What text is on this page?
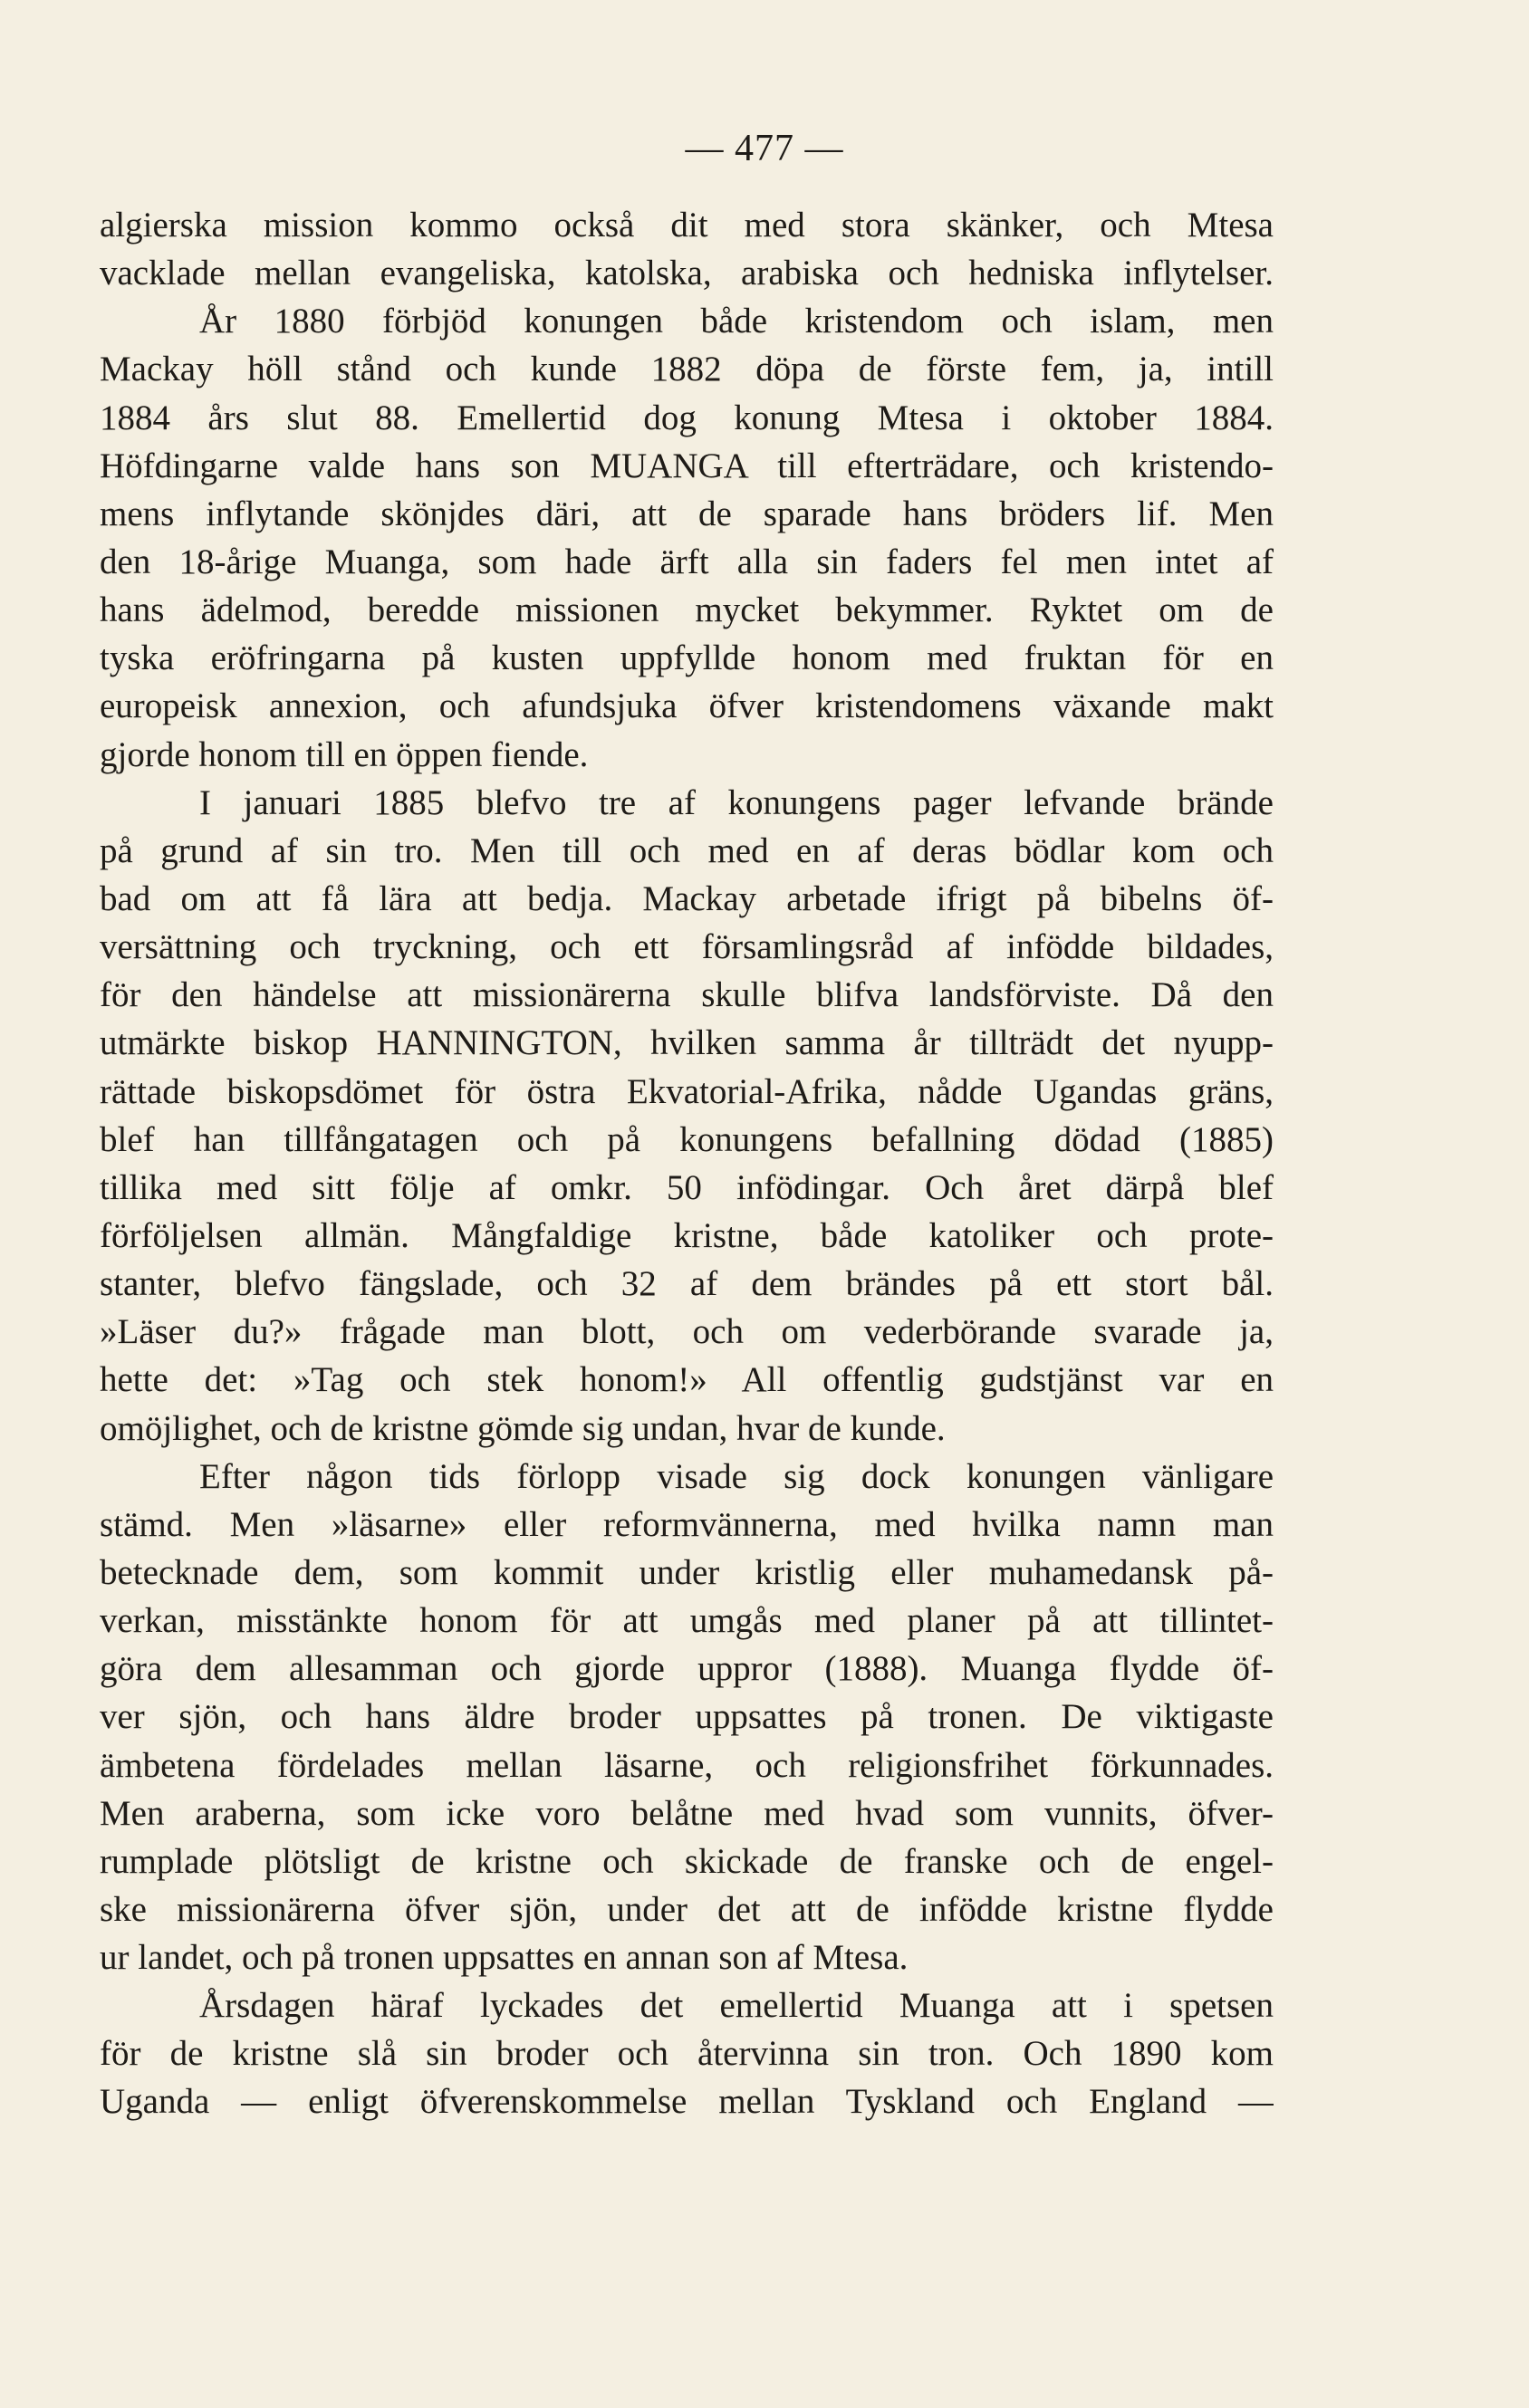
— 477 —
algierska mission kommo också dit med stora skänker, och Mtesa
vacklade mellan evangeliska, katolska, arabiska och hedniska inflytelser.
År 1880 förbjöd konungen både kristendom och islam, men
Mackay höll stånd och kunde 1882 döpa de förste fem, ja, intill
1884 års slut 88. Emellertid dog konung Mtesa i oktober 1884.
Höfdingarne valde hans son MUANGA till efterträdare, och kristendo-
mens inflytande skönjdes däri, att de sparade hans bröders lif. Men
den 18-årige Muanga, som hade ärft alla sin faders fel men intet af
hans ädelmod, beredde missionen mycket bekymmer. Ryktet om de
tyska eröfringarna på kusten uppfyllde honom med fruktan för en
europeisk annexion, och afundsjuka öfver kristendomens växande makt
gjorde honom till en öppen fiende.
I januari 1885 blefvo tre af konungens pager lefvande brände
på grund af sin tro. Men till och med en af deras bödlar kom och
bad om att få lära att bedja. Mackay arbetade ifrigt på bibelns öf-
versättning och tryckning, och ett församlingsråd af infödde bildades,
för den händelse att missionärerna skulle blifva landsförviste. Då den
utmärkte biskop HANNINGTON, hvilken samma år tillträdt det nyupp-
rättade biskopsdömet för östra Ekvatorial-Afrika, nådde Ugandas gräns,
blef han tillfångatagen och på konungens befallning dödad (1885)
tillika med sitt följe af omkr. 50 infödingar. Och året därpå blef
förföljelsen allmän. Mångfaldige kristne, både katoliker och prote-
stanter, blefvo fängslade, och 32 af dem brändes på ett stort bål.
»Läser du?» frågade man blott, och om vederbörande svarade ja,
hette det: »Tag och stek honom!» All offentlig gudstjänst var en
omöjlighet, och de kristne gömde sig undan, hvar de kunde.
Efter någon tids förlopp visade sig dock konungen vänligare
stämd. Men »läsarne» eller reformvännerna, med hvilka namn man
betecknade dem, som kommit under kristlig eller muhamedansk på-
verkan, misstänkte honom för att umgås med planer på att tillintet-
göra dem allesamman och gjorde uppror (1888). Muanga flydde öf-
ver sjön, och hans äldre broder uppsattes på tronen. De viktigaste
ämbetena fördelades mellan läsarne, och religionsfrihet förkunnades.
Men araberna, som icke voro belåtne med hvad som vunnits, öfver-
rumplade plötsligt de kristne och skickade de franske och de engel-
ske missionärerna öfver sjön, under det att de infödde kristne flydde
ur landet, och på tronen uppsattes en annan son af Mtesa.
Årsdagen häraf lyckades det emellertid Muanga att i spetsen
för de kristne slå sin broder och återvinna sin tron. Och 1890 kom
Uganda — enligt öfverenskommelse mellan Tyskland och England —
